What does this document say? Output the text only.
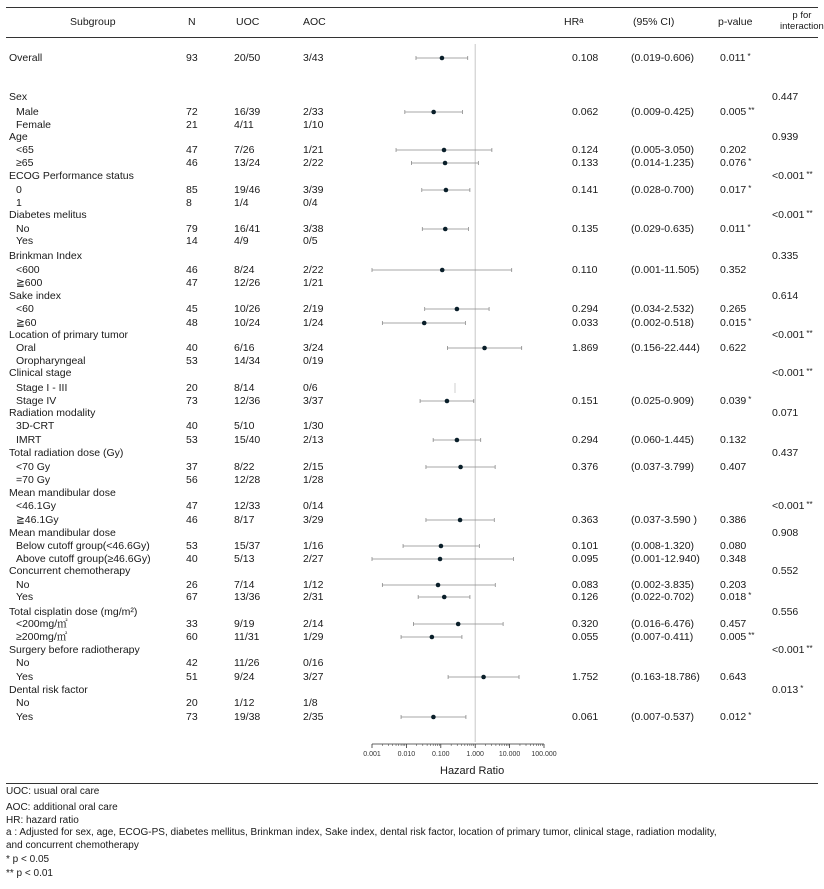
Subgroup	N	UOC	AOC	$HR^a$	(95% CI)	p-value
p for
interaction
Overall	93	20/50	3/43	0.108	(0.019-0.606) 0.011 *
Sex	0.447
Male	72	16/39	2/33	0.062	(0.009-0.425) 0.005 **
Female	21	4/11	1/10
Age	0.939
<65	47	7/26	1/21	0.124	(0.005-3.050) 0.202
≥65	46	13/24	2/22	0.133	(0.014-1.235) 0.076 *
ECOG Performance status	<0.001 **
0	85	19/46	3/39	0.141	(0.028-0.700) 0.017 *
1	8	1/4	0/4
Diabetes melitus	<0.001 **
No	79	16/41	3/38	0.135	(0.029-0.635) 0.011 *
Yes	14	4/9	0/5
Brinkman Index	0.335
<600	46	8/24	2/22	0.110	(0.001-11.505) 0.352
≧600	47	12/26	1/21
Sake index	0.614
<60	45	10/26	2/19	0.294	(0.034-2.532) 0.265
≧60	48	10/24	1/24	0.033	(0.002-0.518) 0.015 *
Location of primary tumor	<0.001 **
Oral	40	6/16	3/24	1.869	(0.156-22.444) 0.622
Oropharyngeal	53	14/34	0/19
Clinical stage	<0.001 **
Stage I - III	20	8/14	0/6
Stage IV	73	12/36	3/37	0.151	(0.025-0.909) 0.039 *
Radiation modality	0.071
3D-CRT	40	5/10	1/30
IMRT	53	15/40	2/13	0.294	(0.060-1.445) 0.132
Total radiation dose (Gy)	0.437
<70 Gy	37	8/22	2/15	0.376	(0.037-3.799) 0.407
=70 Gy	56	12/28	1/28
Mean mandibular dose
<46.1Gy	47	12/33	0/14	<0.001 **
≧46.1Gy	46	8/17	3/29	0.363	(0.037-3.590 ) 0.386
Mean mandibular dose	0.908
Below cutoff group(<46.6Gy)	53	15/37	1/16	0.101	(0.008-1.320) 0.080
Above cutoff group(≥46.6Gy)	40	5/13	2/27	0.095	(0.001-12.940) 0.348
Concurrent chemotherapy	0.552
No	26	7/14	1/12	0.083	(0.002-3.835) 0.203
Yes	67	13/36	2/31	0.126	(0.022-0.702) 0.018 *
Total cisplatin dose (mg/m²)	0.556
<200mg/㎡	33	9/19	2/14	0.320	(0.016-6.476) 0.457
≥200mg/㎡	60	11/31	1/29	0.055	(0.007-0.411)	0.005 **
Surgery before radiotherapy	<0.001 **
No	42	11/26	0/16
Yes	51	9/24	3/27	1.752	(0.163-18.786) 0.643
Dental risk factor	0.013 *
No	20	1/12	1/8
Yes	73	19/38	2/35	0.061	(0.007-0.537) 0.012 *
0.001 0.010 0.100 1.000 10.000 100.000
Hazard Ratio
UOC: usual oral care
AOC: additional oral care
HR: hazard ratio
a : Adjusted for sex, age, ECOG-PS, diabetes mellitus, Brinkman index, Sake index, dental risk factor, location of primary tumor, clinical stage, radiation modality,
and concurrent chemotherapy
* p < 0.05
** p < 0.01
